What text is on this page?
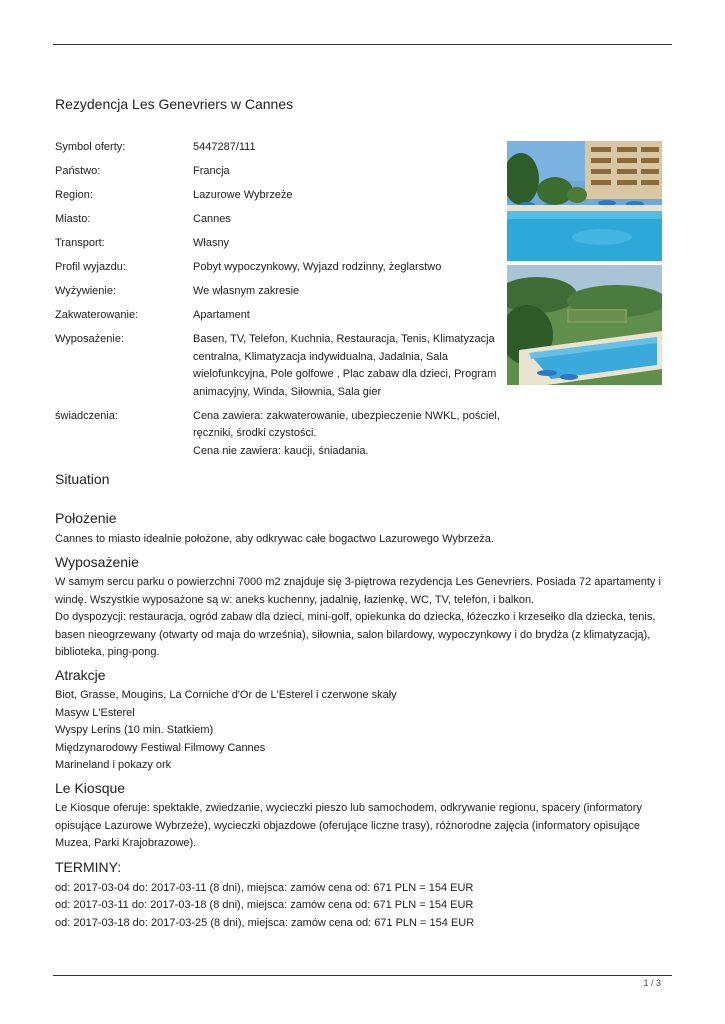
Rezydencja Les Genevriers w Cannes
Symbol oferty:	5447287/111

Państwo:	Francja

Region:	Lazurowe Wybrzeże

Miasto:	Cannes

Transport:	Własny

Profil wyjazdu:	Pobyt wypoczynkowy, Wyjazd rodzinny, żeglarstwo

Wyżywienie:	We własnym zakresie

Zakwaterowanie:	Apartament

Wyposażenie:	Basen, TV, Telefon, Kuchnia, Restauracja, Tenis, Klimatyzacja centralna, Klimatyzacja indywidualna, Jadalnia, Sala wielofunkcyjna, Pole golfowe , Plac zabaw dla dzieci, Program animacyjny, Winda, Siłownia, Sala gier

świadczenia:	Cena zawiera: zakwaterowanie, ubezpieczenie NWKL, pościel, ręczniki, środki czystości.
Cena nie zawiera: kaucji, śniadania.
Situation
Położenie
Cannes to miasto idealnie położone, aby odkrywac całe bogactwo Lazurowego Wybrzeża.
Wyposażenie
W samym sercu parku o powierzchni 7000 m2 znajduje się 3-piętrowa rezydencja Les Genevriers. Posiada 72 apartamenty i windę. Wszystkie wyposażone są w: aneks kuchenny, jadalnię, łazienkę, WC, TV, telefon, i balkon.
Do dyspozycji: restauracja, ogród zabaw dla dzieci, mini-golf, opiekunka do dziecka, łóżeczko i krzesełko dla dziecka, tenis, basen nieogrzewany (otwarty od maja do września), siłownia, salon bilardowy, wypoczynkowy i do brydża (z klimatyzacją), biblioteka, ping-pong.
Atrakcje
Biot, Grasse, Mougins, La Corniche d'Or de L'Esterel i czerwone skały
Masyw L'Esterel
Wyspy Lerins (10 min. Statkiem)
Międzynarodowy Festiwal Filmowy Cannes
Marineland i pokazy ork
Le Kiosque
Le Kiosque oferuje: spektakle, zwiedzanie, wycieczki pieszo lub samochodem, odkrywanie regionu, spacery (informatory opisujące Lazurowe Wybrzeże), wycieczki objazdowe (oferujące liczne trasy), różnorodne zajęcia (informatory opisujące Muzea, Parki Krajobrazowe).
TERMINY:
od: 2017-03-04 do: 2017-03-11 (8 dni), miejsca: zamów cena od: 671 PLN = 154 EUR
od: 2017-03-11 do: 2017-03-18 (8 dni), miejsca: zamów cena od: 671 PLN = 154 EUR
od: 2017-03-18 do: 2017-03-25 (8 dni), miejsca: zamów cena od: 671 PLN = 154 EUR
1 / 3
